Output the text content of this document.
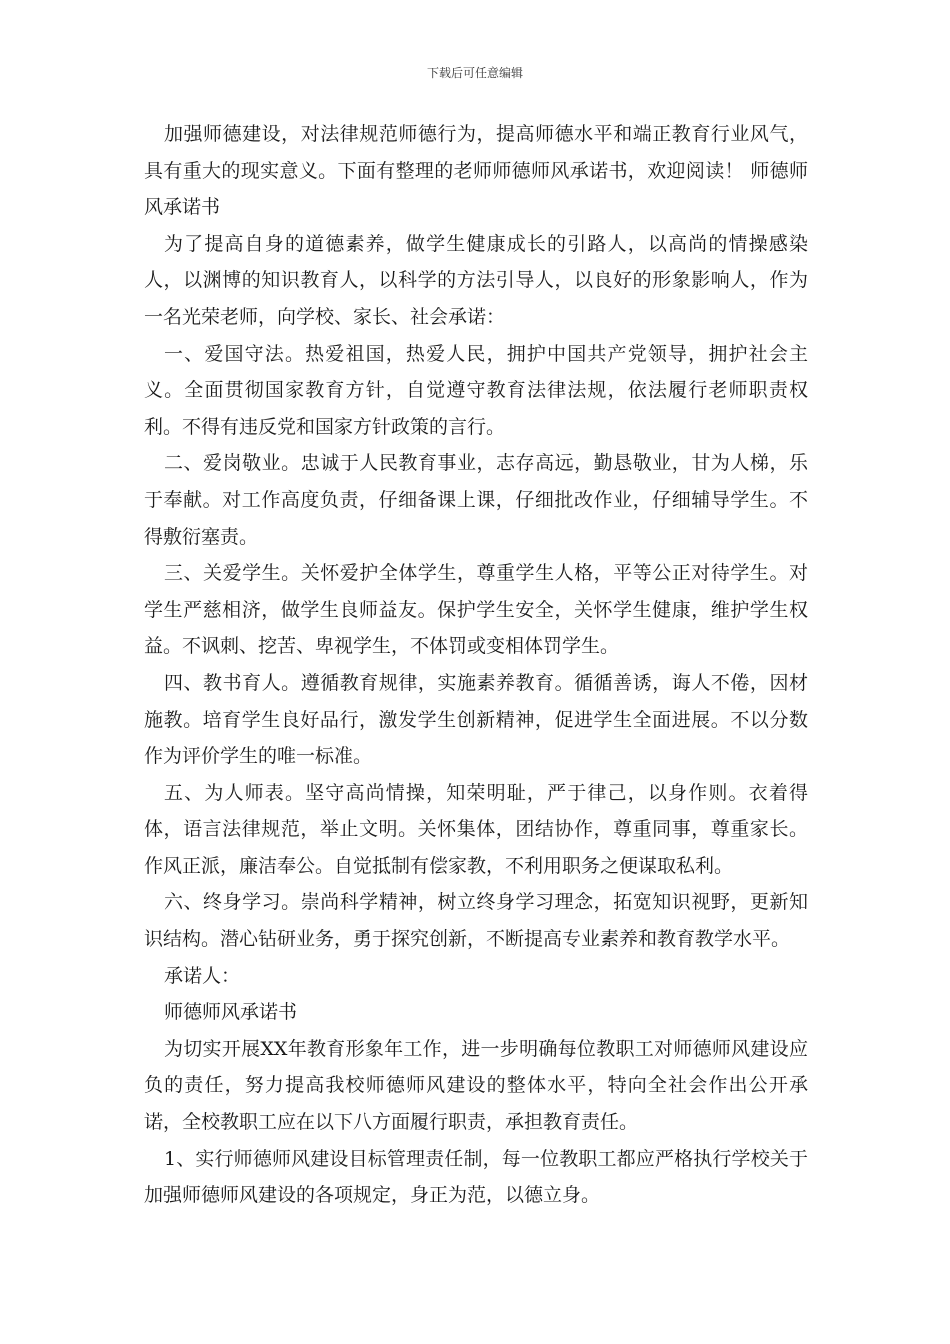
下载后可任意编辑

加强师德建设，对法律规范师德行为，提高师德水平和端正教育行业风气，具有重大的现实意义。下面有整理的老师师德师风承诺书，欢迎阅读！ 师德师风承诺书

为了提高自身的道德素养，做学生健康成长的引路人，以高尚的情操感染人，以渊博的知识教育人，以科学的方法引导人，以良好的形象影响人，作为一名光荣老师，向学校、家长、社会承诺：

一、爱国守法。热爱祖国，热爱人民，拥护中国共产党领导，拥护社会主义。全面贯彻国家教育方针，自觉遵守教育法律法规，依法履行老师职责权利。不得有违反党和国家方针政策的言行。

二、爱岗敬业。忠诚于人民教育事业，志存高远，勤恳敬业，甘为人梯，乐于奉献。对工作高度负责，仔细备课上课，仔细批改作业，仔细辅导学生。不得敷衍塞责。

三、关爱学生。关怀爱护全体学生，尊重学生人格，平等公正对待学生。对学生严慈相济，做学生良师益友。保护学生安全，关怀学生健康，维护学生权益。不讽刺、挖苦、卑视学生，不体罚或变相体罚学生。

四、教书育人。遵循教育规律，实施素养教育。循循善诱，诲人不倦，因材施教。培育学生良好品行，激发学生创新精神，促进学生全面进展。不以分数作为评价学生的唯一标准。

五、为人师表。坚守高尚情操，知荣明耻，严于律己，以身作则。衣着得体，语言法律规范，举止文明。关怀集体，团结协作，尊重同事，尊重家长。作风正派，廉洁奉公。自觉抵制有偿家教，不利用职务之便谋取私利。

六、终身学习。崇尚科学精神，树立终身学习理念，拓宽知识视野，更新知识结构。潜心钻研业务，勇于探究创新，不断提高专业素养和教育教学水平。

承诺人：

师德师风承诺书

为切实开展XX年教育形象年工作，进一步明确每位教职工对师德师风建设应负的责任，努力提高我校师德师风建设的整体水平，特向全社会作出公开承诺，全校教职工应在以下八方面履行职责，承担教育责任。

1、实行师德师风建设目标管理责任制，每一位教职工都应严格执行学校关于加强师德师风建设的各项规定，身正为范，以德立身。
